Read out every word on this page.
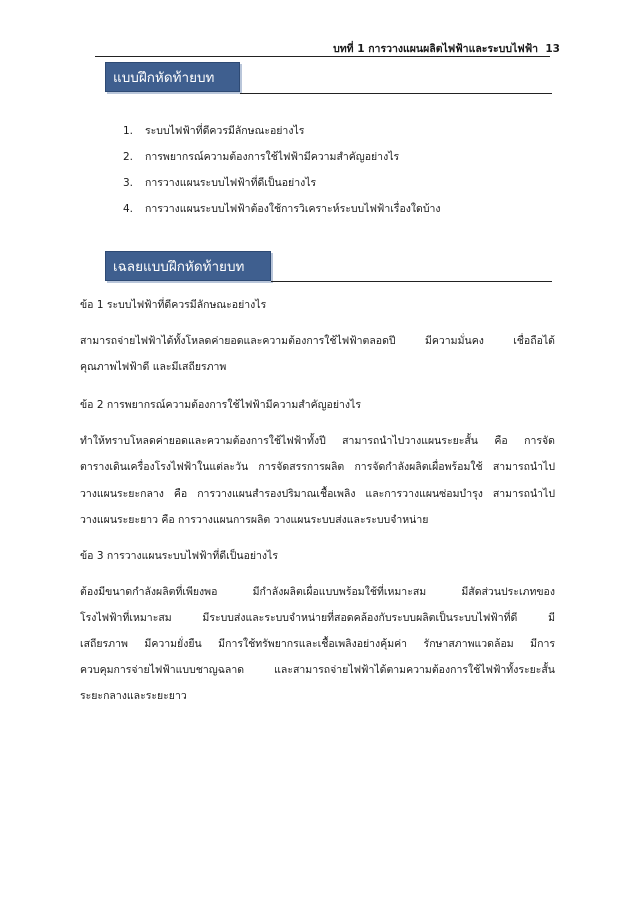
บทที่ 1 การวางแผนผลิตไฟฟ้าและระบบไฟฟ้า 13
แบบฝึกหัดท้ายบท
1. ระบบไฟฟ้าที่ดีควรมีลักษณะอย่างไร
2. การพยากรณ์ความต้องการใช้ไฟฟ้ามีความสำคัญอย่างไร
3. การวางแผนระบบไฟฟ้าที่ดีเป็นอย่างไร
4. การวางแผนระบบไฟฟ้าต้องใช้การวิเคราะห์ระบบไฟฟ้าเรื่องใดบ้าง
เฉลยแบบฝึกหัดท้ายบท
ข้อ 1 ระบบไฟฟ้าที่ดีควรมีลักษณะอย่างไร
สามารถจ่ายไฟฟ้าได้ทั้งโหลดค่ายอดและความต้องการใช้ไฟฟ้าตลอดปี มีความมั่นคง เชื่อถือได้
คุณภาพไฟฟ้าดี และมีเสถียรภาพ
ข้อ 2 การพยากรณ์ความต้องการใช้ไฟฟ้ามีความสำคัญอย่างไร
ทำให้ทราบโหลดค่ายอดและความต้องการใช้ไฟฟ้าทั้งปี สามารถนำไปวางแผนระยะสั้น คือ การจัด
ตารางเดินเครื่องโรงไฟฟ้าในแต่ละวัน การจัดสรรการผลิต การจัดกำลังผลิตเผื่อพร้อมใช้ สามารถนำไป
วางแผนระยะกลาง คือ การวางแผนสำรองปริมาณเชื้อเพลิง และการวางแผนซ่อมบำรุง สามารถนำไป
วางแผนระยะยาว คือ การวางแผนการผลิต วางแผนระบบส่งและระบบจำหน่าย
ข้อ 3 การวางแผนระบบไฟฟ้าที่ดีเป็นอย่างไร
ต้องมีขนาดกำลังผลิตที่เพียงพอ มีกำลังผลิตเผื่อแบบพร้อมใช้ที่เหมาะสม มีสัดส่วนประเภทของ
โรงไฟฟ้าที่เหมาะสม มีระบบส่งและระบบจำหน่ายที่สอดคล้องกับระบบผลิตเป็นระบบไฟฟ้าที่ดี มี
เสถียรภาพ มีความยั่งยืน มีการใช้ทรัพยากรและเชื้อเพลิงอย่างคุ้มค่า รักษาสภาพแวดล้อม มีการ
ควบคุมการจ่ายไฟฟ้าแบบชาญฉลาด และสามารถจ่ายไฟฟ้าได้ตามความต้องการใช้ไฟฟ้าทั้งระยะสั้น
ระยะกลางและระยะยาว
